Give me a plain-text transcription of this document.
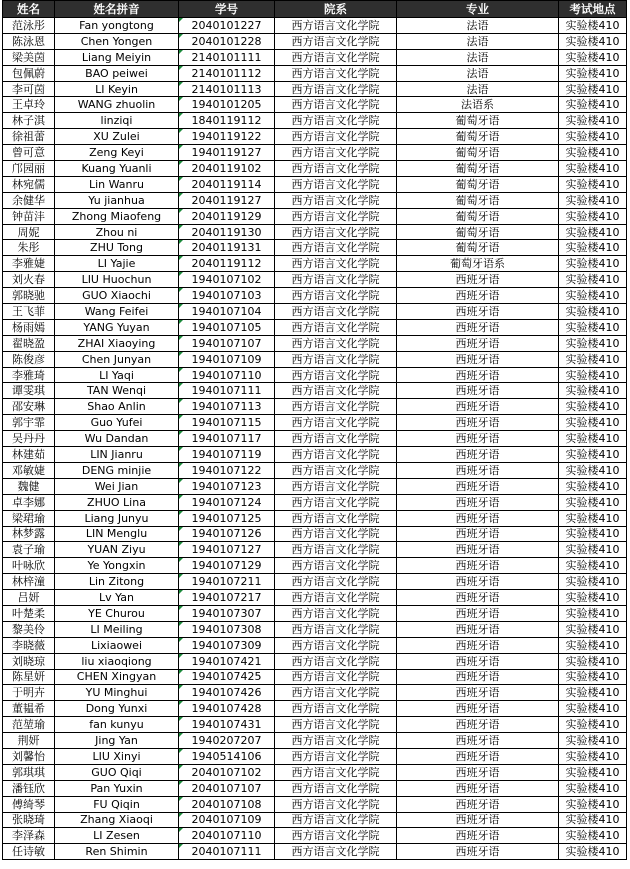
姓名	姓名拼音	学号	院系	专业	考试地点
范泳彤	Fan yongtong	2040101227	西方语言文化学院	法语	实验楼410
陈泳恩	Chen Yongen	2040101228	西方语言文化学院	法语	实验楼410
梁美茵	Liang Meiyin	2140101111	西方语言文化学院	法语	实验楼410
包佩蔚	BAO peiwei	2140101112	西方语言文化学院	法语	实验楼410
李可茵	LI Keyin	2140101113	西方语言文化学院	法语	实验楼410
王卓玲	WANG zhuolin	1940101205	西方语言文化学院	法语系	实验楼410
林子淇	linziqi	1840119112	西方语言文化学院	葡萄牙语	实验楼410
徐祖蕾	XU Zulei	1940119122	西方语言文化学院	葡萄牙语	实验楼410
曾可意	Zeng Keyi	1940119127	西方语言文化学院	葡萄牙语	实验楼410
邝园丽	Kuang Yuanli	2040119102	西方语言文化学院	葡萄牙语	实验楼410
林宛儒	Lin Wanru	2040119114	西方语言文化学院	葡萄牙语	实验楼410
余健华	Yu jianhua	2040119127	西方语言文化学院	葡萄牙语	实验楼410
钟苗沣	Zhong Miaofeng	2040119129	西方语言文化学院	葡萄牙语	实验楼410
周妮	Zhou ni	2040119130	西方语言文化学院	葡萄牙语	实验楼410
朱彤	ZHU Tong	2040119131	西方语言文化学院	葡萄牙语	实验楼410
李雅婕	LI Yajie	2040119112	西方语言文化学院	葡萄牙语系	实验楼410
刘火春	LIU Huochun	1940107102	西方语言文化学院	西班牙语	实验楼410
郭晓驰	GUO Xiaochi	1940107103	西方语言文化学院	西班牙语	实验楼410
王飞菲	Wang Feifei	1940107104	西方语言文化学院	西班牙语	实验楼410
杨雨嫣	YANG Yuyan	1940107105	西方语言文化学院	西班牙语	实验楼410
翟晓盈	ZHAI Xiaoying	1940107107	西方语言文化学院	西班牙语	实验楼410
陈俊彦	Chen Junyan	1940107109	西方语言文化学院	西班牙语	实验楼410
李雅琦	LI Yaqi	1940107110	西方语言文化学院	西班牙语	实验楼410
谭雯琪	TAN Wenqi	1940107111	西方语言文化学院	西班牙语	实验楼410
邵安琳	Shao Anlin	1940107113	西方语言文化学院	西班牙语	实验楼410
郭宇霏	Guo Yufei	1940107115	西方语言文化学院	西班牙语	实验楼410
吴丹丹	Wu Dandan	1940107117	西方语言文化学院	西班牙语	实验楼410
林建茹	LIN Jianru	1940107119	西方语言文化学院	西班牙语	实验楼410
邓敏婕	DENG minjie	1940107122	西方语言文化学院	西班牙语	实验楼410
魏健	Wei Jian	1940107123	西方语言文化学院	西班牙语	实验楼410
卓李娜	ZHUO Lina	1940107124	西方语言文化学院	西班牙语	实验楼410
梁珺瑜	Liang Junyu	1940107125	西方语言文化学院	西班牙语	实验楼410
林梦露	LIN Menglu	1940107126	西方语言文化学院	西班牙语	实验楼410
袁子瑜	YUAN Ziyu	1940107127	西方语言文化学院	西班牙语	实验楼410
叶咏欣	Ye Yongxin	1940107129	西方语言文化学院	西班牙语	实验楼410
林梓潼	Lin Zitong	1940107211	西方语言文化学院	西班牙语	实验楼410
吕妍	Lv Yan	1940107217	西方语言文化学院	西班牙语	实验楼410
叶楚柔	YE Churou	1940107307	西方语言文化学院	西班牙语	实验楼410
黎美伶	LI Meiling	1940107308	西方语言文化学院	西班牙语	实验楼410
李晓薇	Lixiaowei	1940107309	西方语言文化学院	西班牙语	实验楼410
刘晓琼	liu xiaoqiong	1940107421	西方语言文化学院	西班牙语	实验楼410
陈星妍	CHEN Xingyan	1940107425	西方语言文化学院	西班牙语	实验楼410
于明卉	YU Minghui	1940107426	西方语言文化学院	西班牙语	实验楼410
董韫希	Dong Yunxi	1940107428	西方语言文化学院	西班牙语	实验楼410
范堃瑜	fan kunyu	1940107431	西方语言文化学院	西班牙语	实验楼410
荆妍	Jing Yan	1940207207	西方语言文化学院	西班牙语	实验楼410
刘馨怡	LIU Xinyi	1940514106	西方语言文化学院	西班牙语	实验楼410
郭琪琪	GUO Qiqi	2040107102	西方语言文化学院	西班牙语	实验楼410
潘钰欣	Pan Yuxin	2040107107	西方语言文化学院	西班牙语	实验楼410
傅绮琴	FU Qiqin	2040107108	西方语言文化学院	西班牙语	实验楼410
张晓琦	Zhang Xiaoqi	2040107109	西方语言文化学院	西班牙语	实验楼410
李泽森	LI Zesen	2040107110	西方语言文化学院	西班牙语	实验楼410
任诗敏	Ren Shimin	2040107111	西方语言文化学院	西班牙语	实验楼410
